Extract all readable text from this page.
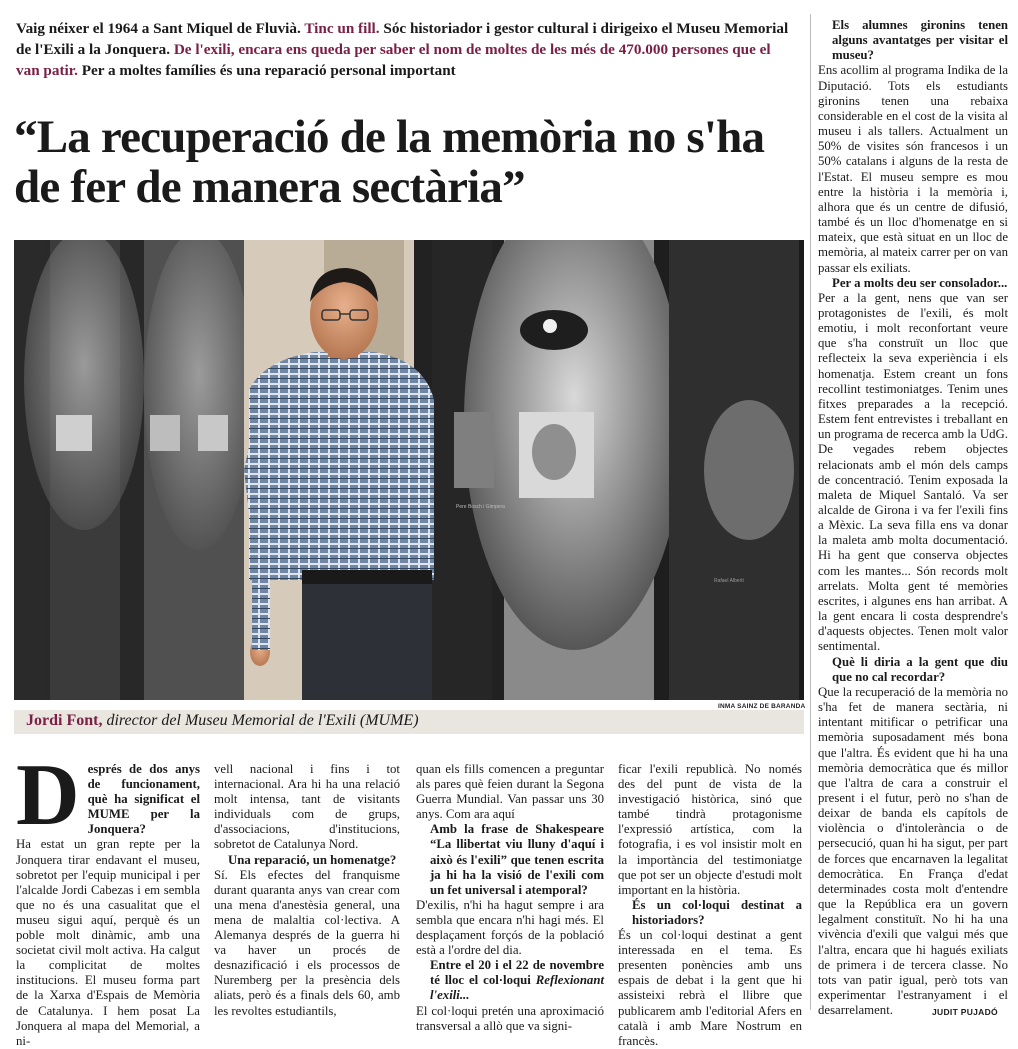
Vaig néixer el 1964 a Sant Miquel de Fluvià. Tinc un fill. Sóc historiador i gestor cultural i dirigeixo el Museu Memorial de l'Exili a la Jonquera. De l'exili, encara ens queda per saber el nom de moltes de les més de 470.000 persones que el van patir. Per a moltes famílies és una reparació personal important
“La recuperació de la memòria no s'ha de fer de manera sectària”
Pere Bosch i Gimpera
Rafael Alberti
INMA SAINZ DE BARANDA
Jordi Font, director del Museu Memorial de l'Exili (MUME)
D esprés de dos anys de funcionament, què ha significat el MUME per la Jonquera?

Ha estat un gran repte per la Jonquera tirar endavant el museu, sobretot per l'equip municipal i per l'alcalde Jordi Cabezas i em sembla que no és una casualitat que el museu sigui aquí, perquè és un poble molt dinàmic, amb una societat civil molt activa. Ha calgut la complicitat de moltes institucions. El museu forma part de la Xarxa d'Espais de Memòria de Catalunya. I hem posat La Jonquera al mapa del Memorial, a ni-

vell nacional i fins i tot internacional. Ara hi ha una relació molt intensa, tant de visitants individuals com de grups, d'associacions, d'institucions, sobretot de Catalunya Nord.

Una reparació, un homenatge?

Sí. Els efectes del franquisme durant quaranta anys van crear com una mena d'anestèsia general, una mena de malaltia col·lectiva. A Alemanya després de la guerra hi va haver un procés de desnazificació i els processos de Nuremberg per la presència dels aliats, però és a finals dels 60, amb les revoltes estudiantils,

quan els fills comencen a preguntar als pares què feien durant la Segona Guerra Mundial. Van passar uns 30 anys. Com ara aquí

Amb la frase de Shakespeare “La llibertat viu lluny d'aquí i això és l'exili” que tenen escrita ja hi ha la visió de l'exili com un fet universal i atemporal?

D'exilis, n'hi ha hagut sempre i ara sembla que encara n'hi hagi més. El desplaçament forçós de la població està a l'ordre del dia.

Entre el 20 i el 22 de novembre té lloc el col·loqui Reflexionant l'exili...

El col·loqui pretén una aproximació transversal a allò que va signi-

ficar l'exili republicà. No només des del punt de vista de la investigació històrica, sinó que també tindrà protagonisme l'expressió artística, com la fotografia, i es vol insistir molt en la importància del testimoniatge que pot ser un objecte d'estudi molt important en la història.

És un col·loqui destinat a historiadors?

És un col·loqui destinat a gent interessada en el tema. Es presenten ponències amb uns espais de debat i la gent que hi assisteixi rebrà el llibre que publicarem amb l'editorial Afers en català i amb Mare Nostrum en francès.

Els alumnes gironins tenen alguns avantatges per visitar el museu?

Ens acollim al programa Indika de la Diputació. Tots els estudiants gironins tenen una rebaixa considerable en el cost de la visita al museu i als tallers. Actualment un 50% de visites són francesos i un 50% catalans i alguns de la resta de l'Estat. El museu sempre es mou entre la història i la memòria i, alhora que és un centre de difusió, també és un lloc d'homenatge en si mateix, que està situat en un lloc de memòria, al mateix carrer per on van passar els exiliats.

Per a molts deu ser consolador...

Per a la gent, nens que van ser protagonistes de l'exili, és molt emotiu, i molt reconfortant veure que s'ha construït un lloc que reflecteix la seva experiència i els homenatja. Estem creant un fons recollint testimoniatges. Tenim unes fitxes preparades a la recepció. Estem fent entrevistes i treballant en un programa de recerca amb la UdG. De vegades rebem objectes relacionats amb el món dels camps de concentració. Tenim exposada la maleta de Miquel Santaló. Va ser alcalde de Girona i va fer l'exili fins a Mèxic. La seva filla ens va donar la maleta amb molta documentació. Hi ha gent que conserva objectes com les mantes... Són records molt arrelats. Molta gent té memòries escrites, i algunes ens han arribat. A la gent encara li costa desprendre's d'aquests objectes. Tenen molt valor sentimental.

Què li diria a la gent que diu que no cal recordar?

Que la recuperació de la memòria no s'ha fet de manera sectària, ni intentant mitificar o petrificar una memòria suposadament més bona que l'altra. És evident que hi ha una memòria democràtica que és millor que l'altra de cara a construir el present i el futur, però no s'han de deixar de banda els capítols de violència o d'intolerància o de persecució, quan hi ha sigut, per part de forces que encarnaven la legalitat democràtica. En França d'edat determinades costa molt d'entendre que la República era un govern legalment constituït. No hi ha una vivència d'exili que valgui més que l'altra, encara que hi hagués exiliats de primera i de tercera classe. No tots van patir igual, però tots van experimentar l'estranyament i el desarrelament.	JUDIT PUJADÓ
